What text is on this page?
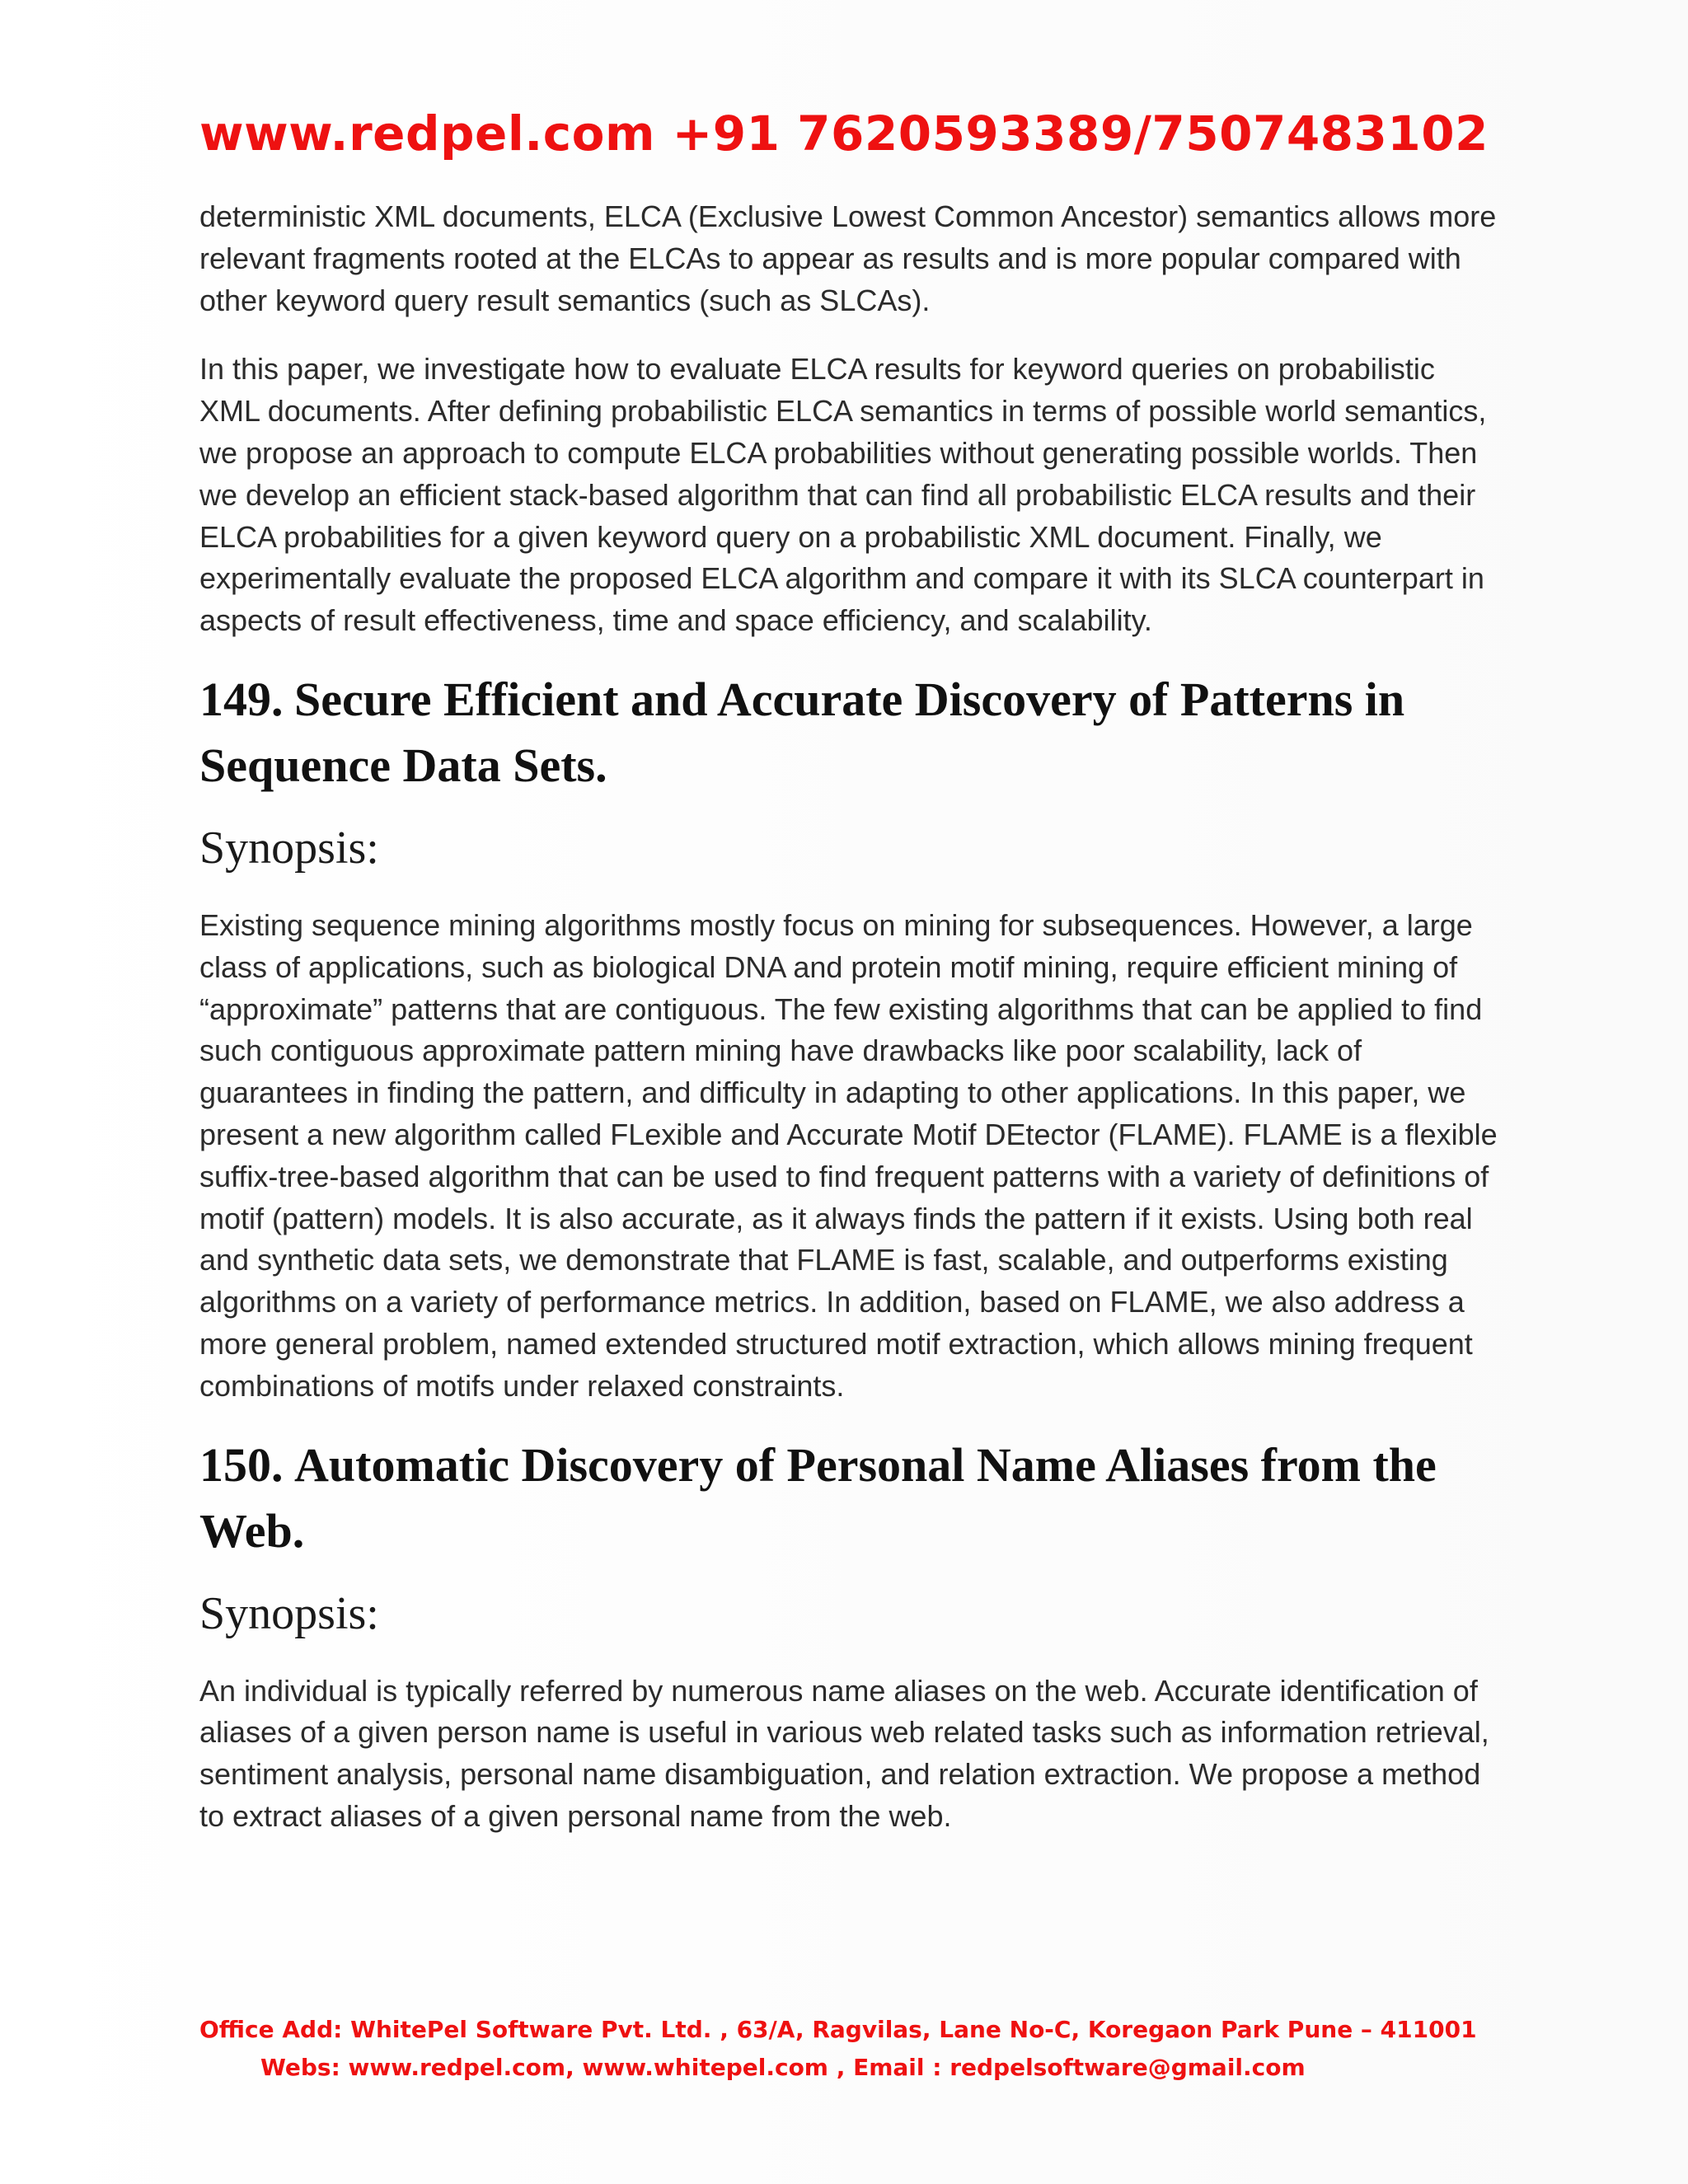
www.redpel.com +91 7620593389/7507483102

deterministic XML documents, ELCA (Exclusive Lowest Common Ancestor) semantics allows more relevant fragments rooted at the ELCAs to appear as results and is more popular compared with other keyword query result semantics (such as SLCAs).

In this paper, we investigate how to evaluate ELCA results for keyword queries on probabilistic XML documents. After defining probabilistic ELCA semantics in terms of possible world semantics, we propose an approach to compute ELCA probabilities without generating possible worlds. Then we develop an efficient stack-based algorithm that can find all probabilistic ELCA results and their ELCA probabilities for a given keyword query on a probabilistic XML document. Finally, we experimentally evaluate the proposed ELCA algorithm and compare it with its SLCA counterpart in aspects of result effectiveness, time and space efficiency, and scalability.

149. Secure Efficient and Accurate Discovery of Patterns in Sequence Data Sets.
Synopsis:

Existing sequence mining algorithms mostly focus on mining for subsequences. However, a large class of applications, such as biological DNA and protein motif mining, require efficient mining of “approximate” patterns that are contiguous. The few existing algorithms that can be applied to find such contiguous approximate pattern mining have drawbacks like poor scalability, lack of guarantees in finding the pattern, and difficulty in adapting to other applications. In this paper, we present a new algorithm called FLexible and Accurate Motif DEtector (FLAME). FLAME is a flexible suffix-tree-based algorithm that can be used to find frequent patterns with a variety of definitions of motif (pattern) models. It is also accurate, as it always finds the pattern if it exists. Using both real and synthetic data sets, we demonstrate that FLAME is fast, scalable, and outperforms existing algorithms on a variety of performance metrics. In addition, based on FLAME, we also address a more general problem, named extended structured motif extraction, which allows mining frequent combinations of motifs under relaxed constraints.

150. Automatic Discovery of Personal Name Aliases from the Web.
Synopsis:

An individual is typically referred by numerous name aliases on the web. Accurate identification of aliases of a given person name is useful in various web related tasks such as information retrieval, sentiment analysis, personal name disambiguation, and relation extraction. We propose a method to extract aliases of a given personal name from the web.

Office Add: WhitePel Software Pvt. Ltd. , 63/A, Ragvilas, Lane No-C, Koregaon Park Pune – 411001
Webs: www.redpel.com, www.whitepel.com , Email : redpelsoftware@gmail.com
